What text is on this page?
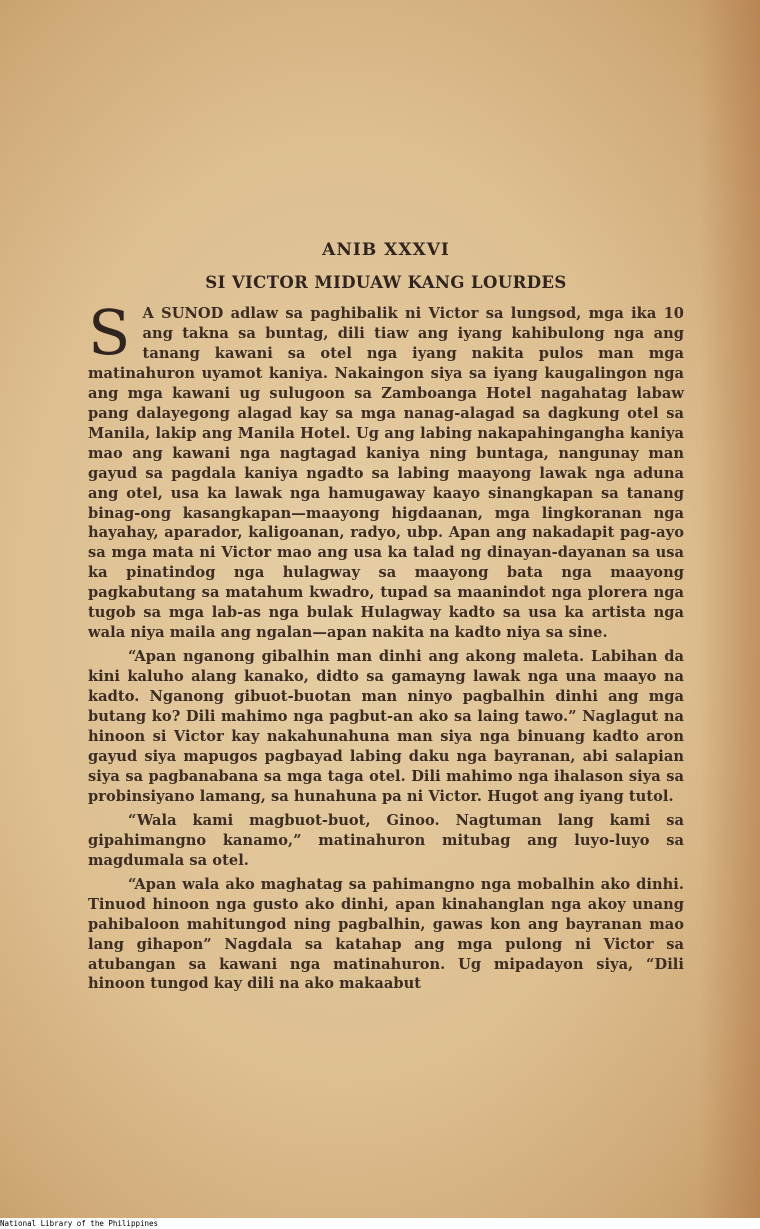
ANIB XXXVI

SI VICTOR MIDUAW KANG LOURDES

S A SUNOD adlaw sa paghibalik ni Victor sa lungsod, mga ika 10 ang takna sa buntag, dili tiaw ang iyang kahibulong nga ang tanang kawani sa otel nga iyang nakita pulos man mga matinahuron uyamot kaniya. Nakaingon siya sa iyang kaugalingon nga ang mga kawani ug sulugoon sa Zamboanga Hotel nagahatag labaw pang dalayegong alagad kay sa mga nanag-alagad sa dagkung otel sa Manila, lakip ang Manila Hotel. Ug ang labing nakapahingangha kaniya mao ang kawani nga nagtagad kaniya ning buntaga, nangunay man gayud sa pagdala kaniya ngadto sa labing maayong lawak nga aduna ang otel, usa ka lawak nga hamugaway kaayo sinangkapan sa tanang binag-ong kasangkapan—maayong higdaanan, mga lingkoranan nga hayahay, aparador, kaligoanan, radyo, ubp. Apan ang nakadapit pag-ayo sa mga mata ni Victor mao ang usa ka talad ng dinayan-dayanan sa usa ka pinatindog nga hulagway sa maayong bata nga maayong pagkabutang sa matahum kwadro, tupad sa maanindot nga plorera nga tugob sa mga lab-as nga bulak Hulagway kadto sa usa ka artista nga wala niya maila ang ngalan—apan nakita na kadto niya sa sine.

“Apan nganong gibalhin man dinhi ang akong maleta. Labihan da kini kaluho alang kanako, didto sa gamayng lawak nga una maayo na kadto. Nganong gibuot-buotan man ninyo pagbalhin dinhi ang mga butang ko? Dili mahimo nga pagbut-an ako sa laing tawo.” Naglagut na hinoon si Victor kay nakahunahuna man siya nga binuang kadto aron gayud siya mapugos pagbayad labing daku nga bayranan, abi salapian siya sa pagbanabana sa mga taga otel. Dili mahimo nga ihalason siya sa probinsiyano lamang, sa hunahuna pa ni Victor. Hugot ang iyang tutol.

“Wala kami magbuot-buot, Ginoo. Nagtuman lang kami sa gipahimangno kanamo,” matinahuron mitubag ang luyo-luyo sa magdumala sa otel.

“Apan wala ako maghatag sa pahimangno nga mobalhin ako dinhi. Tinuod hinoon nga gusto ako dinhi, apan kinahanglan nga akoy unang pahibaloon mahitungod ning pagbalhin, gawas kon ang bayranan mao lang gihapon” Nagdala sa katahap ang mga pulong ni Victor sa atubangan sa kawani nga matinahuron. Ug mipadayon siya, “Dili hinoon tungod kay dili na ako makaabut

National Library of the Philippines
